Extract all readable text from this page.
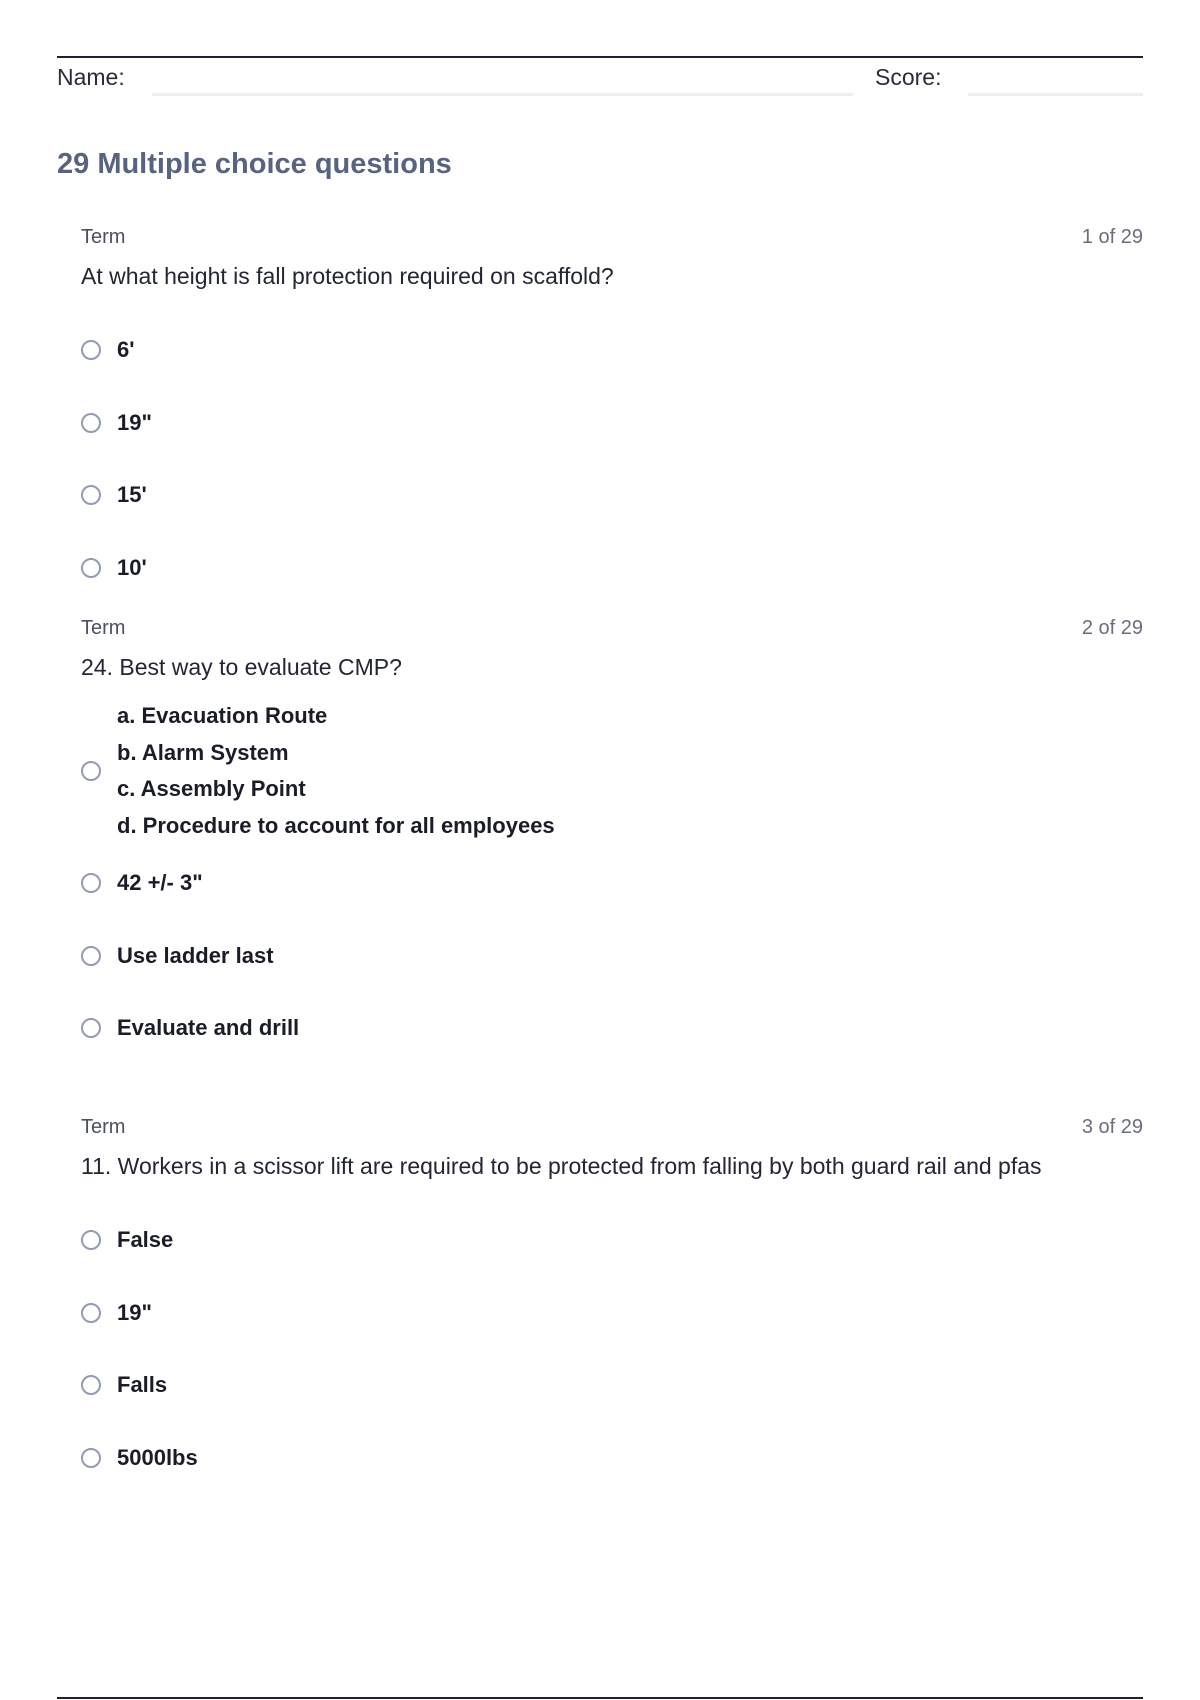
Name:	Score:
29 Multiple choice questions
Term	1 of 29
At what height is fall protection required on scaffold?
6'
19"
15'
10'
Term	2 of 29
24. Best way to evaluate CMP?
a. Evacuation Route
b. Alarm System
c. Assembly Point
d. Procedure to account for all employees
42 +/- 3"
Use ladder last
Evaluate and drill
Term	3 of 29
11. Workers in a scissor lift are required to be protected from falling by both guard rail and pfas
False
19"
Falls
5000lbs
